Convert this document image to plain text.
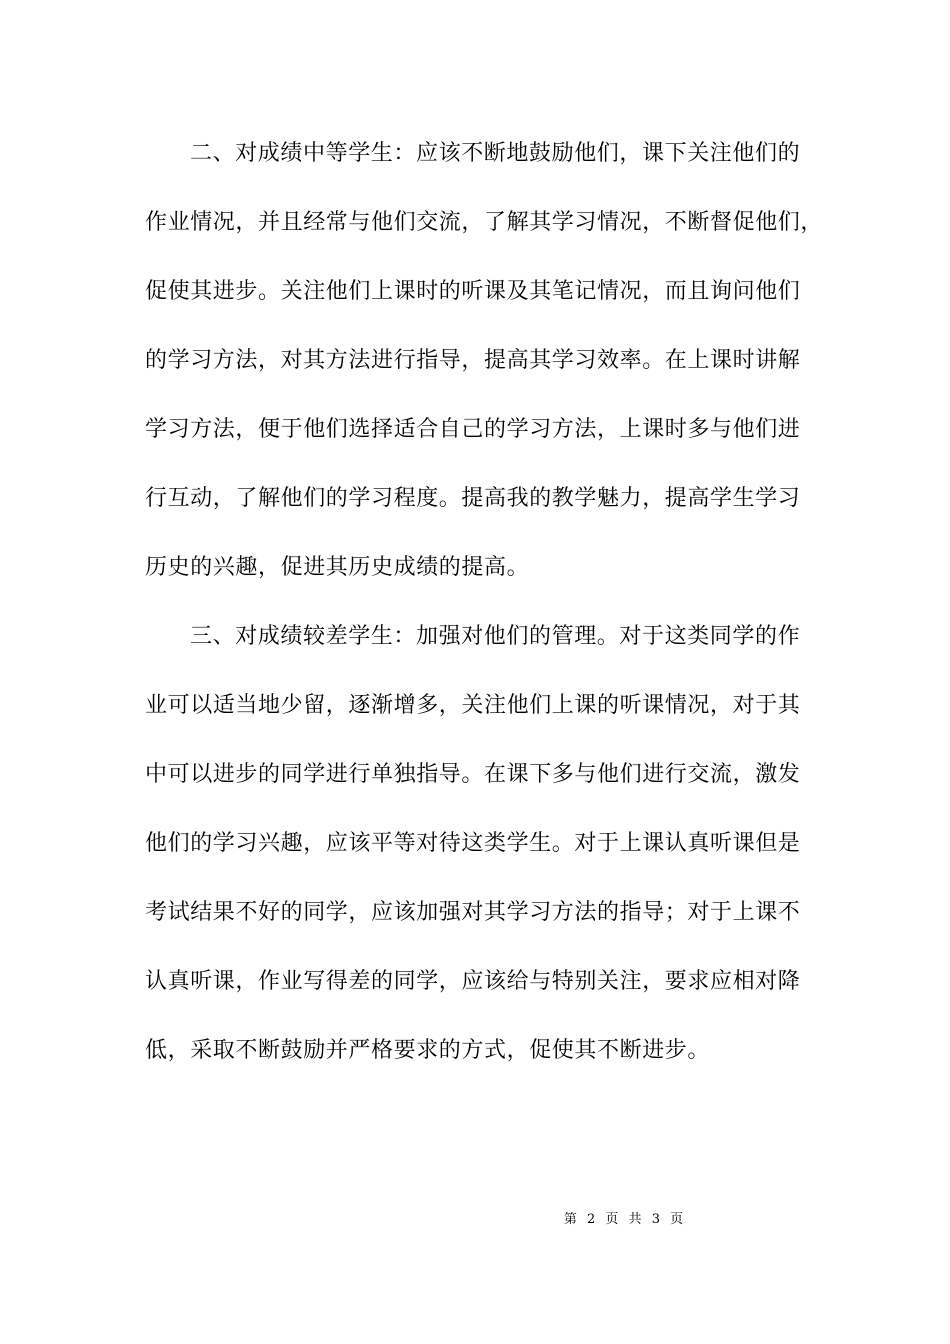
二、对成绩中等学生：应该不断地鼓励他们，课下关注他们的
作业情况，并且经常与他们交流，了解其学习情况，不断督促他们，
促使其进步。关注他们上课时的听课及其笔记情况，而且询问他们
的学习方法，对其方法进行指导，提高其学习效率。在上课时讲解
学习方法，便于他们选择适合自己的学习方法，上课时多与他们进
行互动，了解他们的学习程度。提高我的教学魅力，提高学生学习
历史的兴趣，促进其历史成绩的提高。
三、对成绩较差学生：加强对他们的管理。对于这类同学的作
业可以适当地少留，逐渐增多，关注他们上课的听课情况，对于其
中可以进步的同学进行单独指导。在课下多与他们进行交流，激发
他们的学习兴趣，应该平等对待这类学生。对于上课认真听课但是
考试结果不好的同学，应该加强对其学习方法的指导；对于上课不
认真听课，作业写得差的同学，应该给与特别关注，要求应相对降
低，采取不断鼓励并严格要求的方式，促使其不断进步。
第 2 页 共 3 页
